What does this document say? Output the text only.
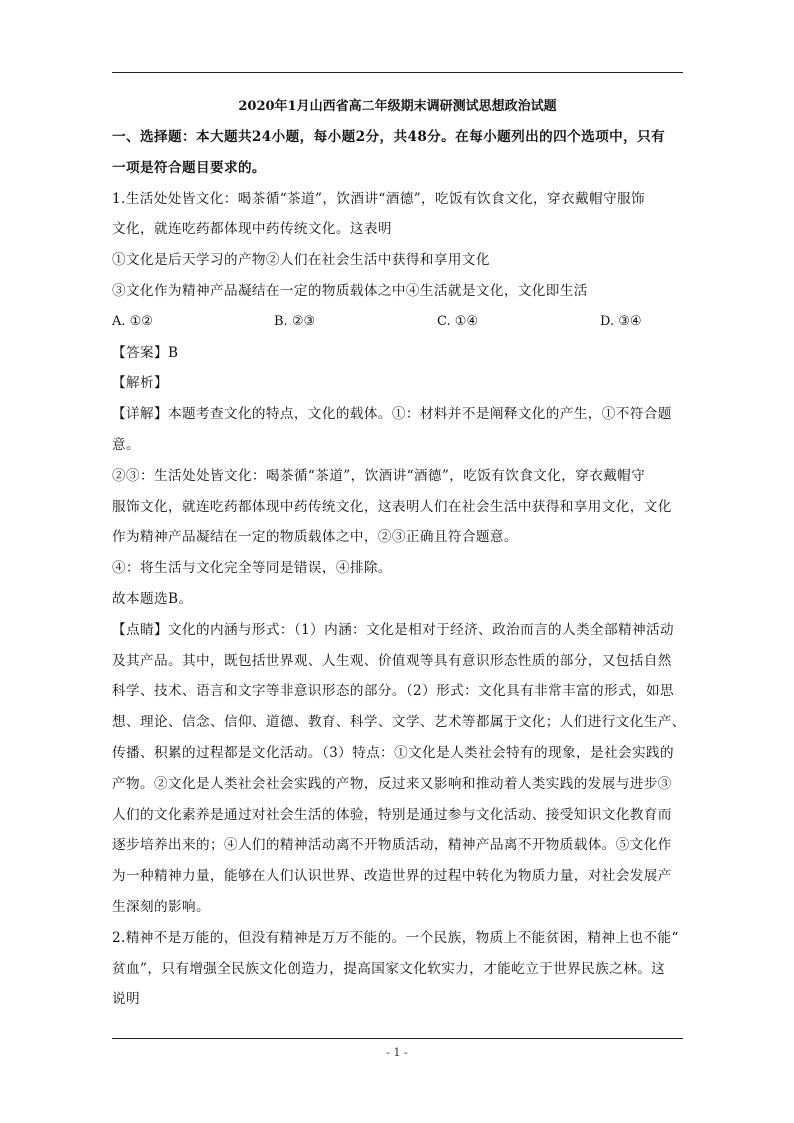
2020年1月山西省高二年级期末调研测试思想政治试题
一、选择题：本大题共24小题，每小题2分，共48分。在每小题列出的四个选项中，只有
一项是符合题目要求的。
1.生活处处皆文化：喝茶循“茶道”，饮酒讲“酒德”，吃饭有饮食文化，穿衣戴帽守服饰
文化，就连吃药都体现中药传统文化。这表明
①文化是后天学习的产物②人们在社会生活中获得和享用文化
③文化作为精神产品凝结在一定的物质载体之中④生活就是文化，文化即生活
A. ①②	B. ②③	C. ①④	D. ③④
【答案】B
【解析】
【详解】本题考查文化的特点，文化的载体。①：材料并不是阐释文化的产生，①不符合题
意。
②③：生活处处皆文化：喝茶循“茶道”，饮酒讲“酒德”，吃饭有饮食文化，穿衣戴帽守
服饰文化，就连吃药都体现中药传统文化，这表明人们在社会生活中获得和享用文化，文化
作为精神产品凝结在一定的物质载体之中，②③正确且符合题意。
④：将生活与文化完全等同是错误，④排除。
故本题选B。
【点睛】文化的内涵与形式：（1）内涵：文化是相对于经济、政治而言的人类全部精神活动
及其产品。其中，既包括世界观、人生观、价值观等具有意识形态性质的部分，又包括自然
科学、技术、语言和文字等非意识形态的部分。（2）形式：文化具有非常丰富的形式，如思
想、理论、信念、信仰、道德、教育、科学、文学、艺术等都属于文化；人们进行文化生产、
传播、积累的过程都是文化活动。（3）特点：①文化是人类社会特有的现象，是社会实践的
产物。②文化是人类社会社会实践的产物，反过来又影响和推动着人类实践的发展与进步③
人们的文化素养是通过对社会生活的体验，特别是通过参与文化活动、接受知识文化教育而
逐步培养出来的；④人们的精神活动离不开物质活动，精神产品离不开物质载体。⑤文化作
为一种精神力量，能够在人们认识世界、改造世界的过程中转化为物质力量，对社会发展产
生深刻的影响。
2.精神不是万能的，但没有精神是万万不能的。一个民族，物质上不能贫困，精神上也不能“
贫血”，只有增强全民族文化创造力，提高国家文化软实力，才能屹立于世界民族之林。这
说明
- 1 -
